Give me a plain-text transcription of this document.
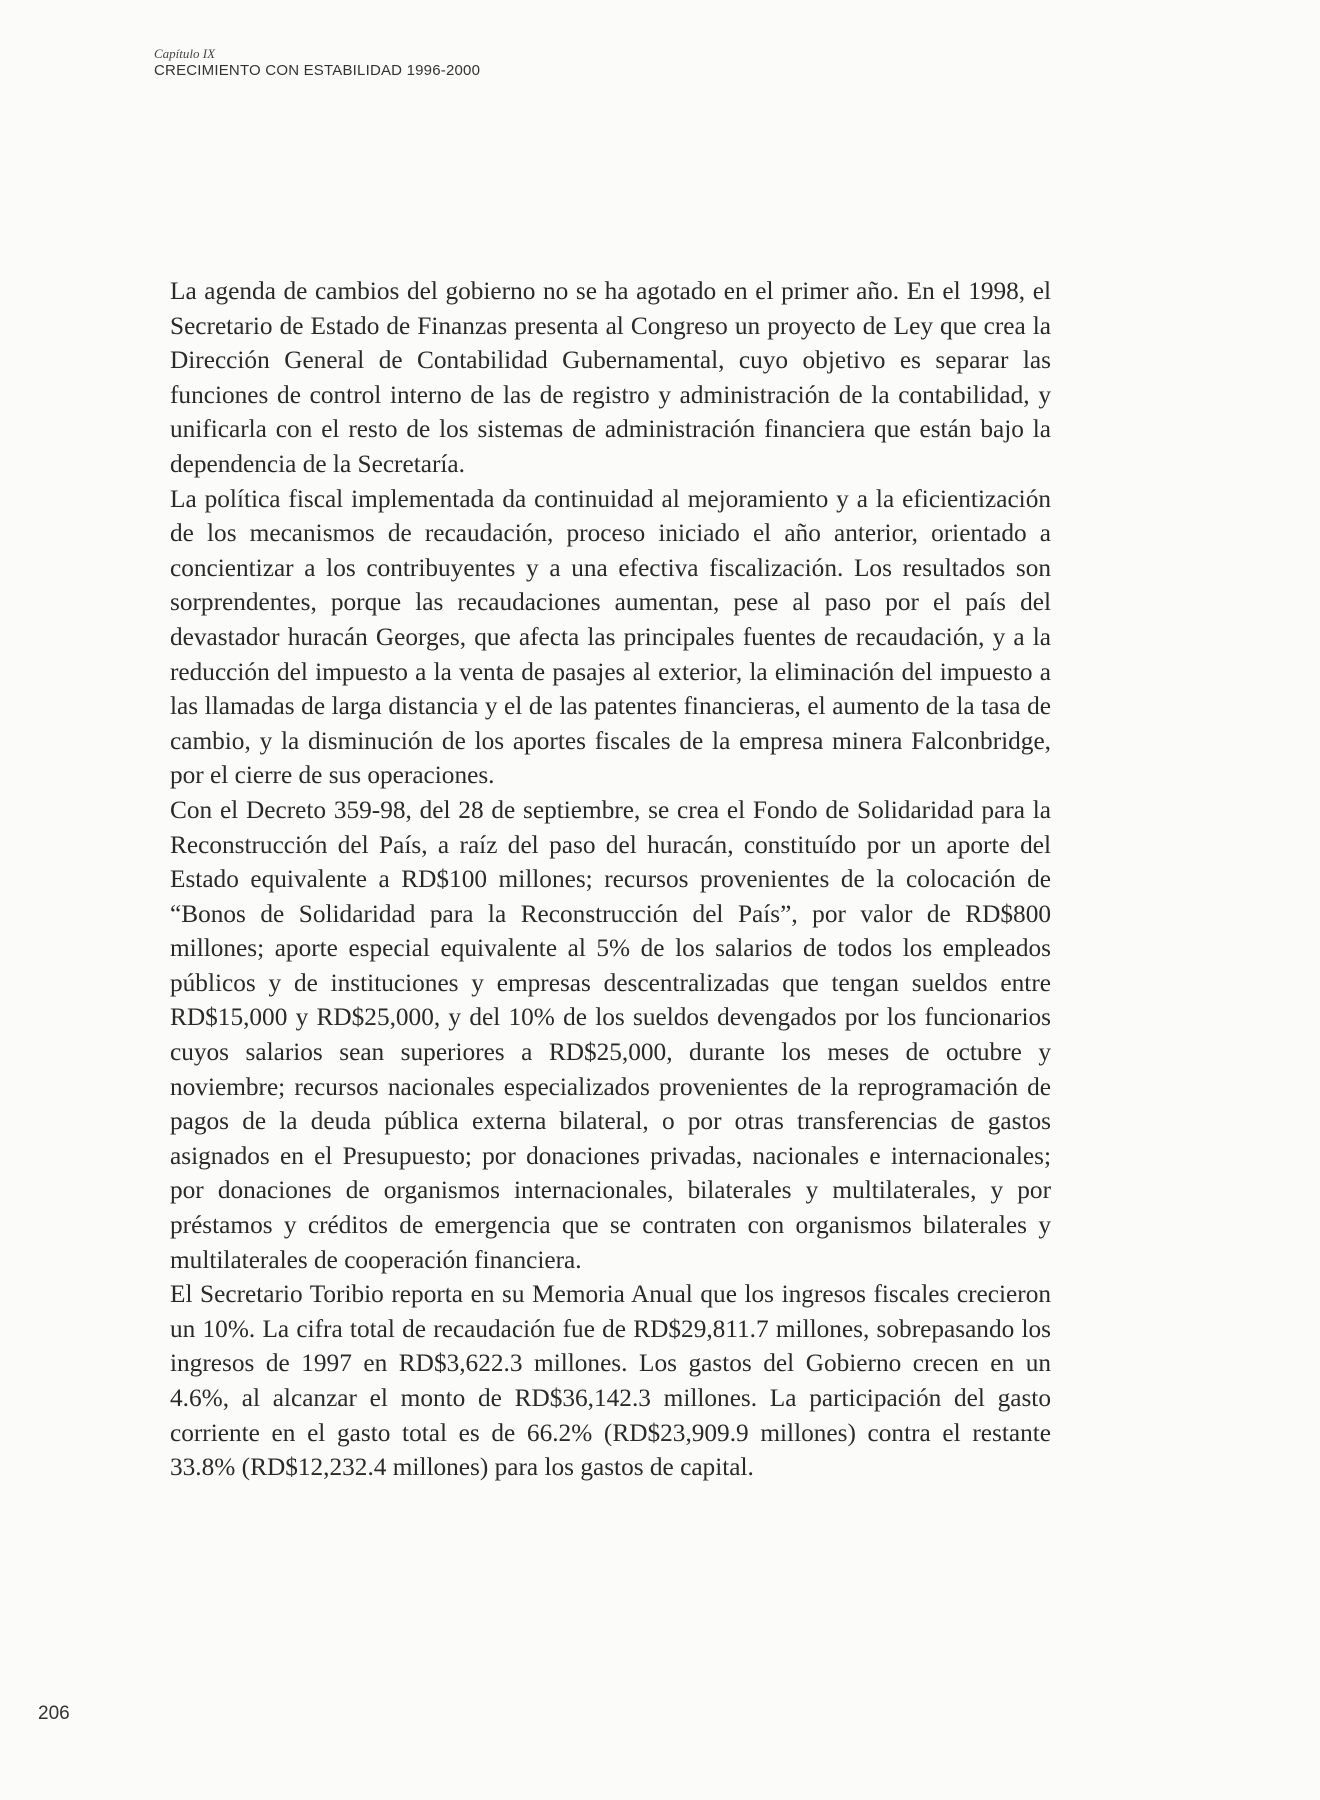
Capítulo IX
CRECIMIENTO CON ESTABILIDAD 1996-2000

La agenda de cambios del gobierno no se ha agotado en el primer año. En el 1998, el Secretario de Estado de Finanzas presenta al Congreso un proyecto de Ley que crea la Dirección General de Contabilidad Gubernamental, cuyo objetivo es separar las funciones de control interno de las de registro y administración de la contabilidad, y unificarla con el resto de los sistemas de administración financiera que están bajo la dependencia de la Secretaría.

La política fiscal implementada da continuidad al mejoramiento y a la eficientización de los mecanismos de recaudación, proceso iniciado el año anterior, orientado a concientizar a los contribuyentes y a una efectiva fiscalización. Los resultados son sorprendentes, porque las recaudaciones aumentan, pese al paso por el país del devastador huracán Georges, que afecta las principales fuentes de recaudación, y a la reducción del impuesto a la venta de pasajes al exterior, la eliminación del impuesto a las llamadas de larga distancia y el de las patentes financieras, el aumento de la tasa de cambio, y la disminución de los aportes fiscales de la empresa minera Falconbridge, por el cierre de sus operaciones.

Con el Decreto 359-98, del 28 de septiembre, se crea el Fondo de Solidaridad para la Reconstrucción del País, a raíz del paso del huracán, constituído por un aporte del Estado equivalente a RD$100 millones; recursos provenientes de la colocación de “Bonos de Solidaridad para la Reconstrucción del País”, por valor de RD$800 millones; aporte especial equivalente al 5% de los salarios de todos los empleados públicos y de instituciones y empresas descentralizadas que tengan sueldos entre RD$15,000 y RD$25,000, y del 10% de los sueldos devengados por los funcionarios cuyos salarios sean superiores a RD$25,000, durante los meses de octubre y noviembre; recursos nacionales especializados provenientes de la reprogramación de pagos de la deuda pública externa bilateral, o por otras transferencias de gastos asignados en el Presupuesto; por donaciones privadas, nacionales e internacionales; por donaciones de organismos internacionales, bilaterales y multilaterales, y por préstamos y créditos de emergencia que se contraten con organismos bilaterales y multilaterales de cooperación financiera.

El Secretario Toribio reporta en su Memoria Anual que los ingresos fiscales crecieron un 10%. La cifra total de recaudación fue de RD$29,811.7 millones, sobrepasando los ingresos de 1997 en RD$3,622.3 millones. Los gastos del Gobierno crecen en un 4.6%, al alcanzar el monto de RD$36,142.3 millones. La participación del gasto corriente en el gasto total es de 66.2% (RD$23,909.9 millones) contra el restante 33.8% (RD$12,232.4 millones) para los gastos de capital.

206
